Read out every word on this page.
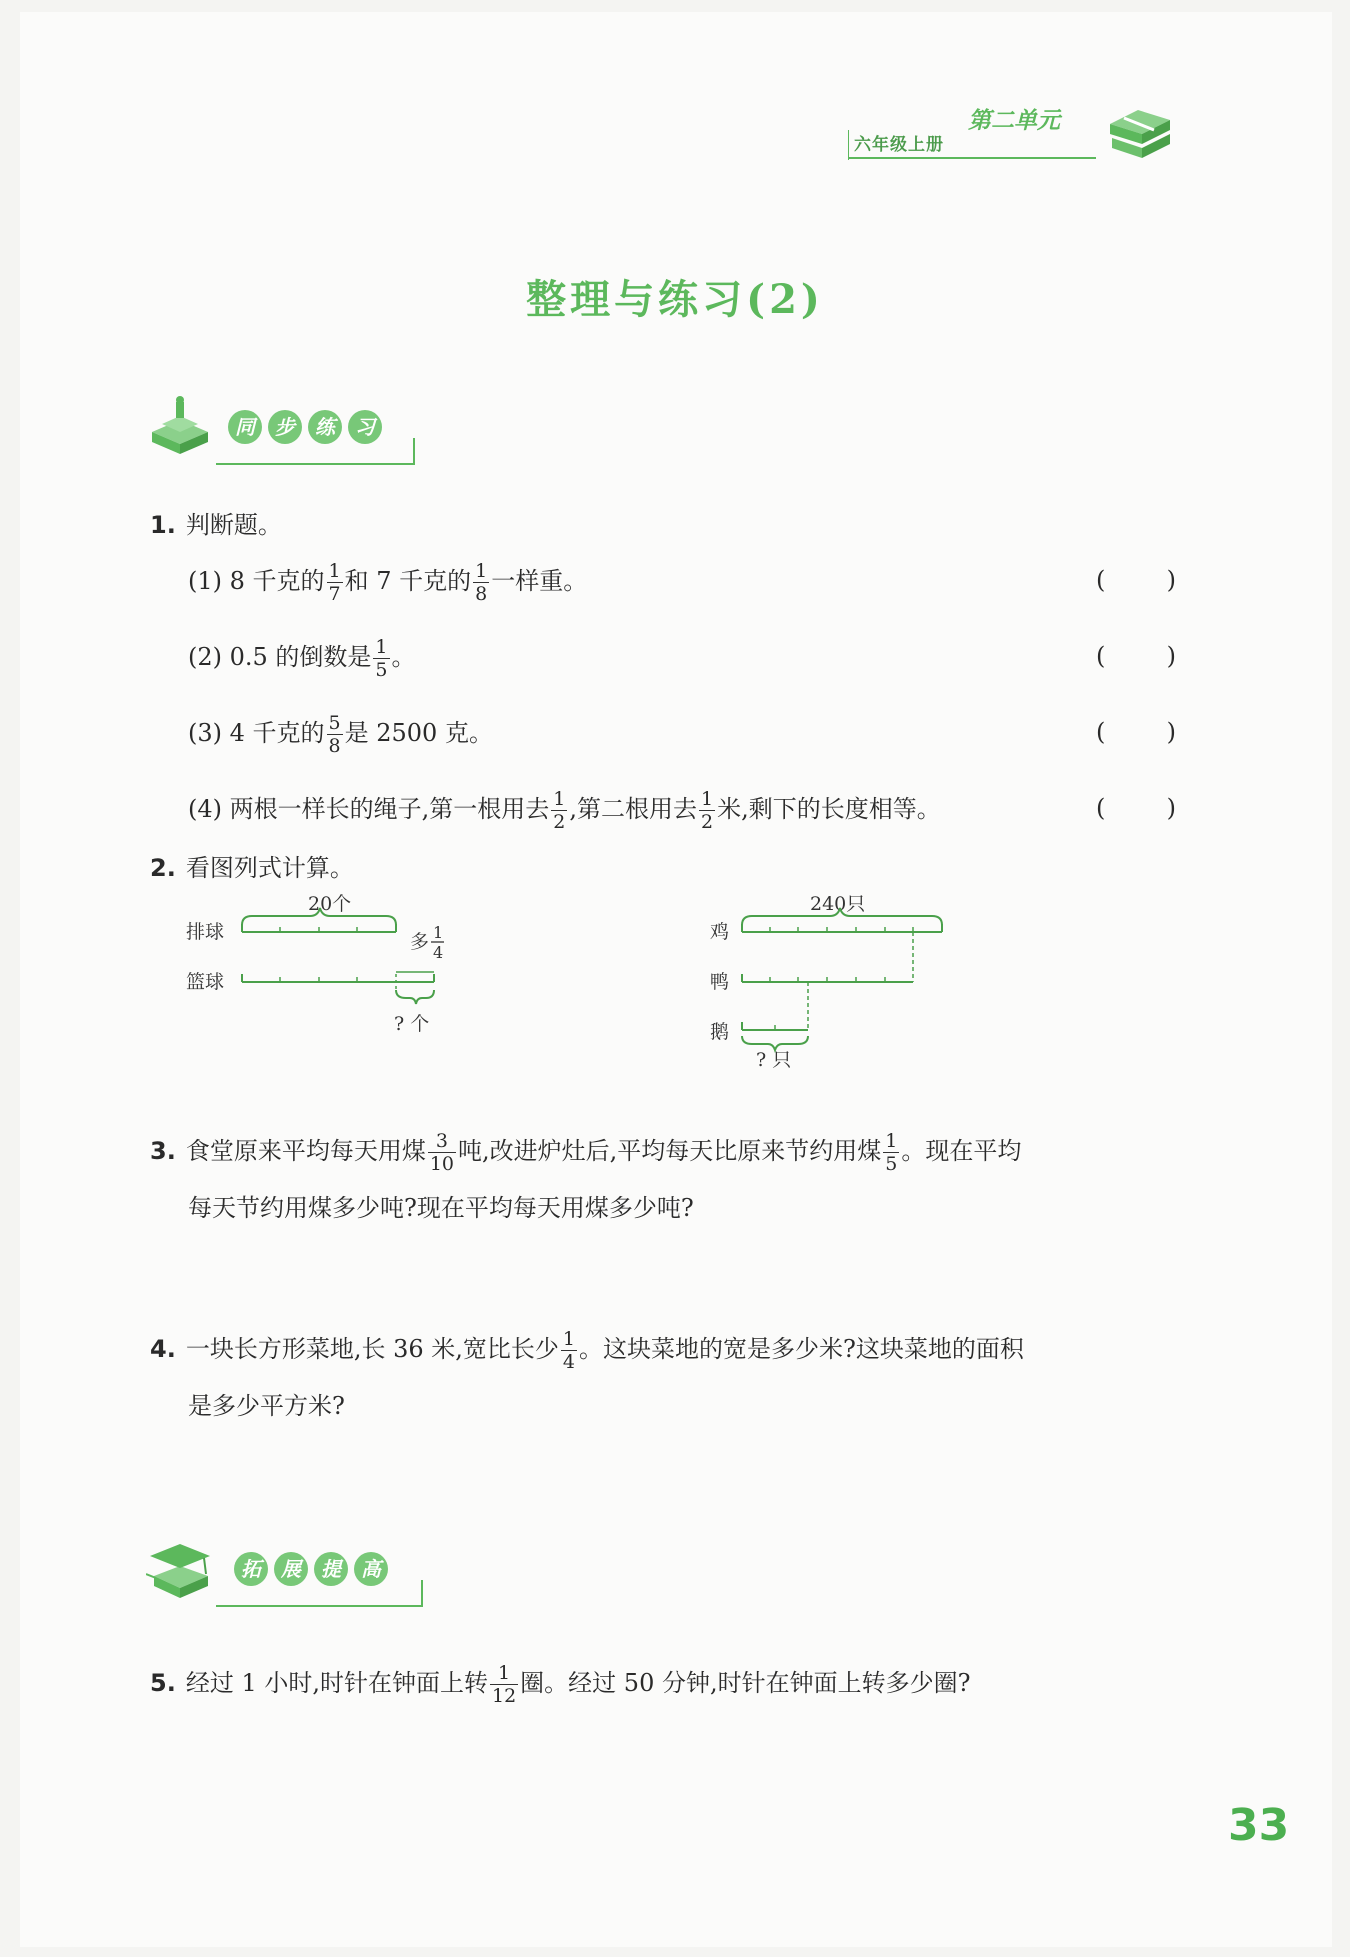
六年级上册
第二单元
整理与练习(2)
同 步 练 习
1. 判断题。
(1) 8 千克的 $\frac{1}{7}$ 和 7 千克的 $\frac{1}{8}$ 一样重。	(	)
(2) 0.5 的倒数是 $\frac{1}{5}$ 。	(	)
(3) 4 千克的 $\frac{5}{8}$ 是 2500 克。	(	)
(4) 两根一样长的绳子,第一根用去 $\frac{1}{2}$ ,第二根用去 $\frac{1}{2}$ 米,剩下的长度相等。	(	)
2. 看图列式计算。
排球
篮球
20个
? 个
多 1
4
鸡
鸭
鹅
240只
? 只
3. 食堂原来平均每天用煤 $\frac{3}{10}$ 吨,改进炉灶后,平均每天比原来节约用煤 $\frac{1}{5}$ 。现在平均
每天节约用煤多少吨?现在平均每天用煤多少吨?
4. 一块长方形菜地,长 36 米,宽比长少 $\frac{1}{4}$ 。这块菜地的宽是多少米?这块菜地的面积
是多少平方米?
拓 展 提 高
5. 经过 1 小时,时针在钟面上转 $\frac{1}{12}$ 圈。经过 50 分钟,时针在钟面上转多少圈?
33
